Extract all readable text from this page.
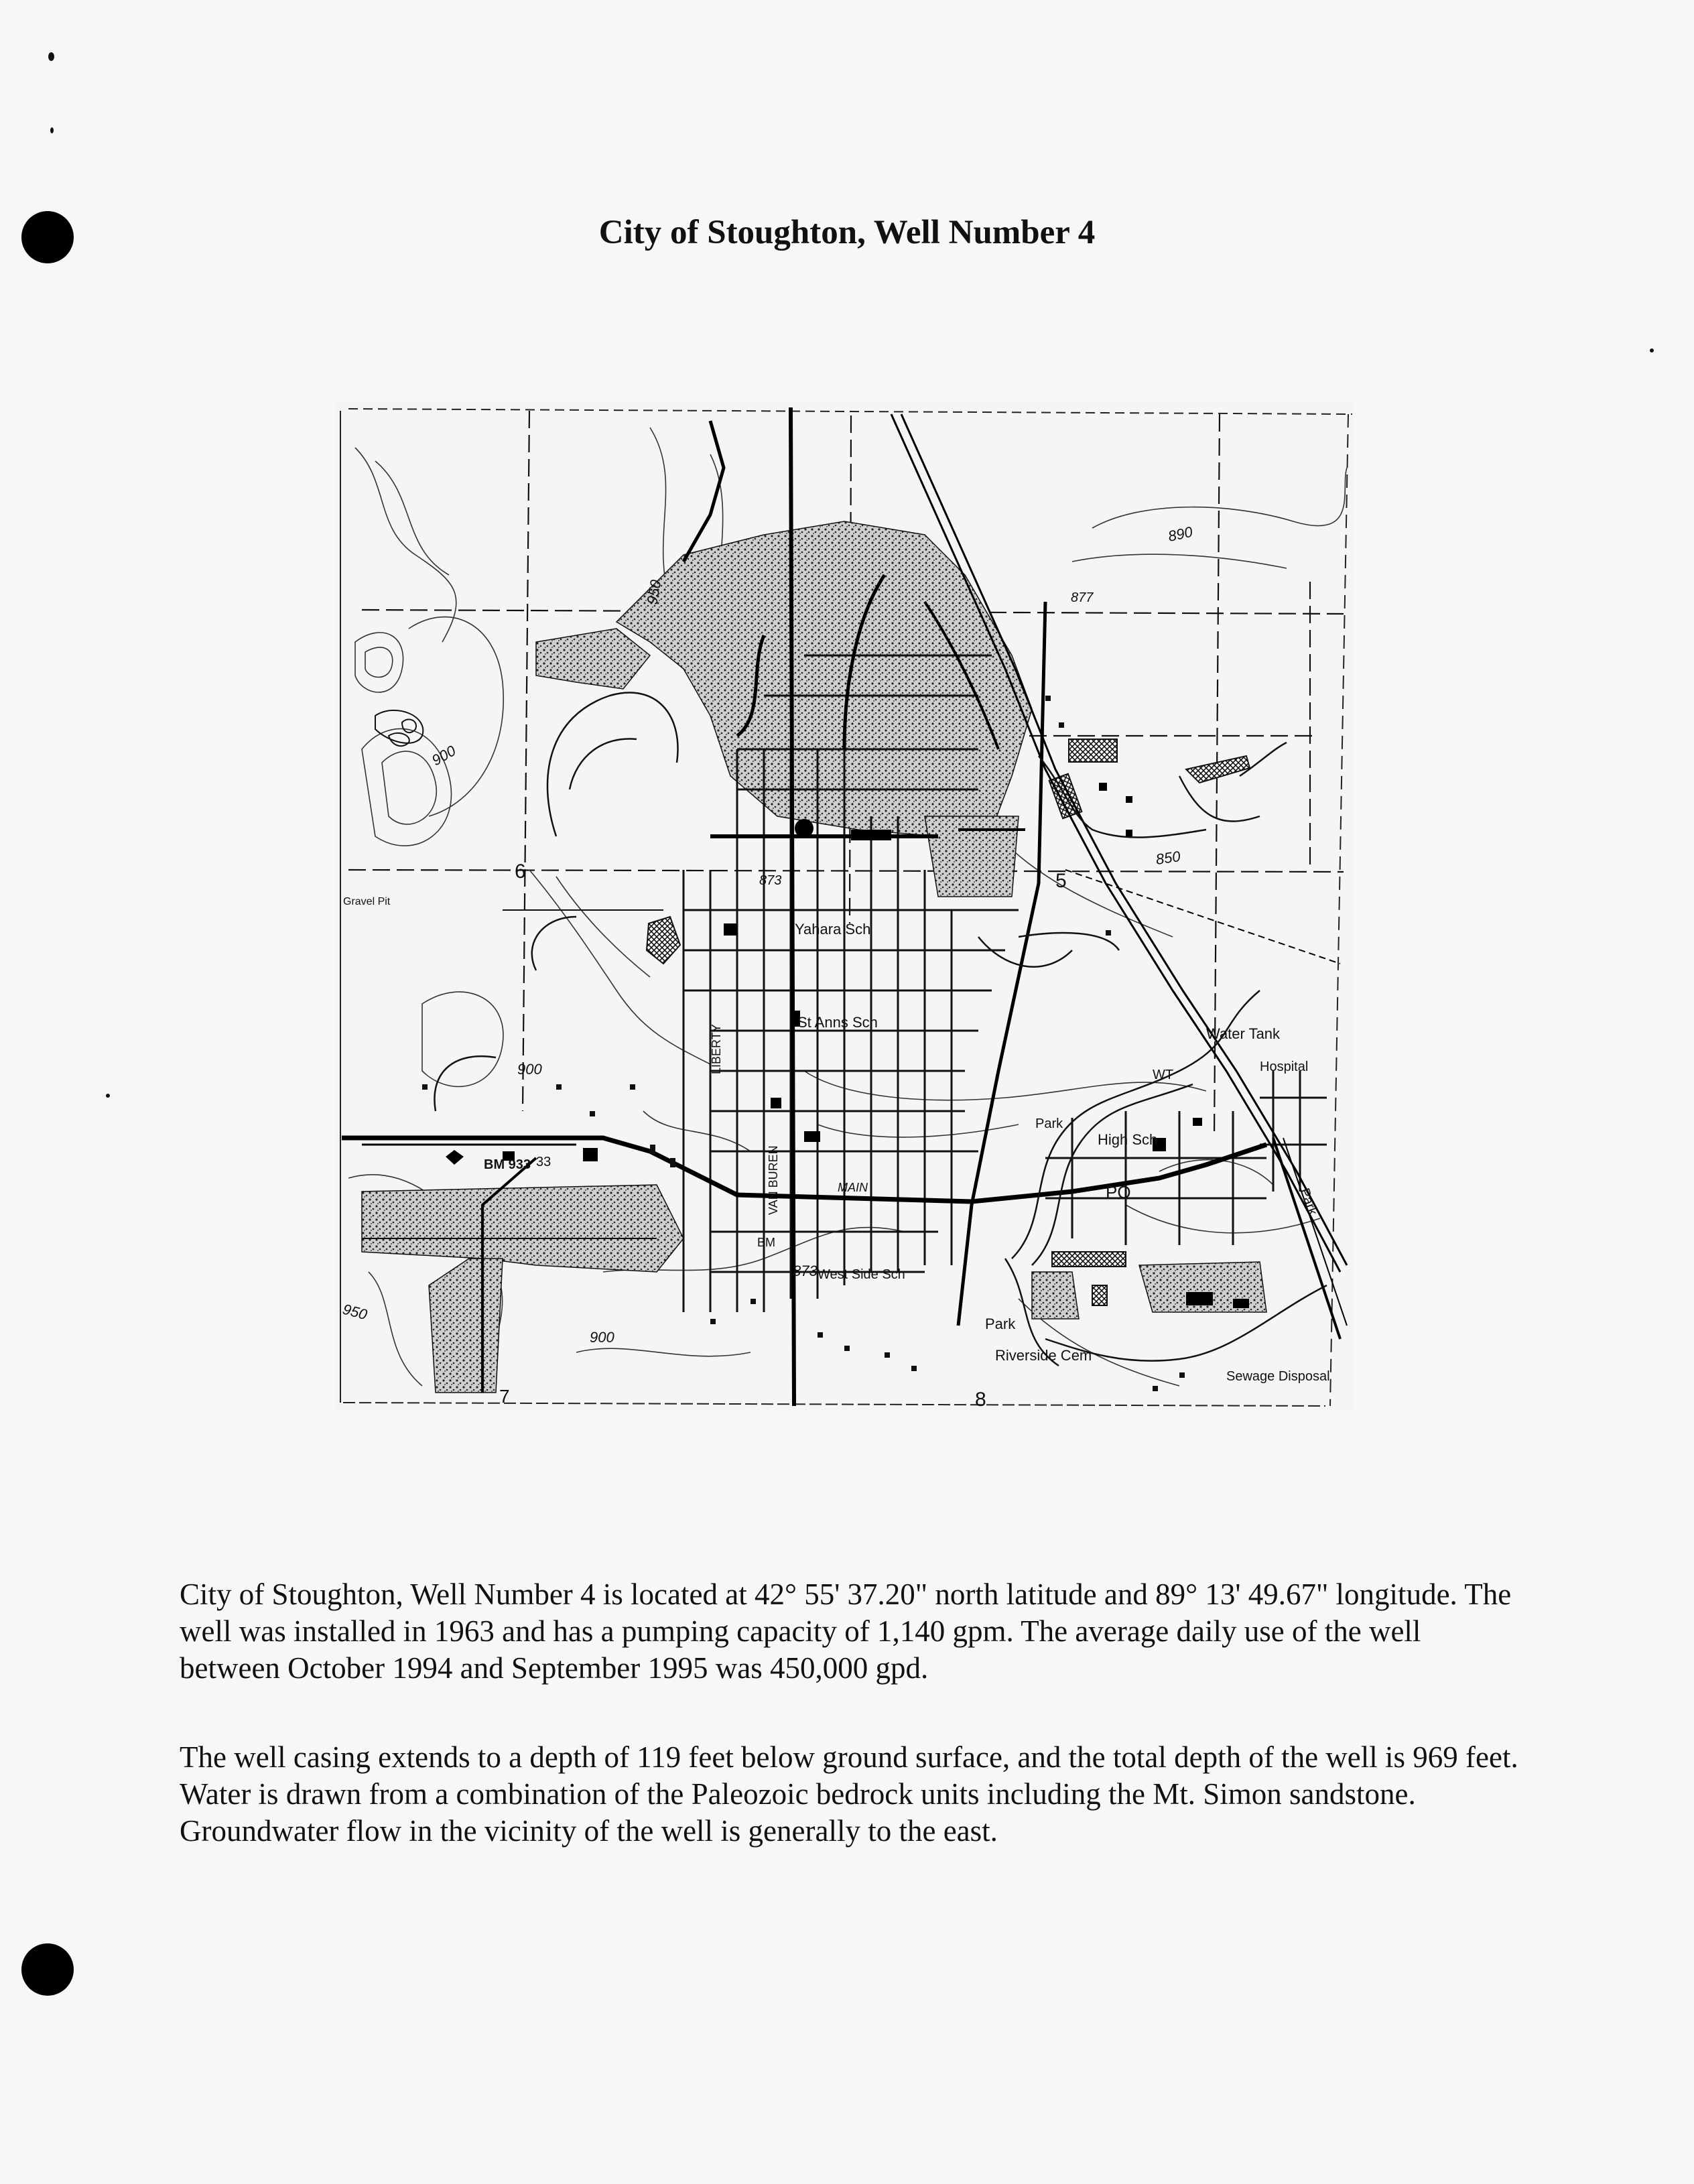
City of Stoughton, Well Number 4
890
877
950
950
900
900
900
850
873
873
BM 933
LIBERTY
VAN BUREN	MAIN
Yahara Sch
St Anns Sch
Water Tank
WT
Hospital
High Sch
PO
Park
Park
Park
Riverside Cem
Sewage Disposal
West Side Sch
Gravel Pit
BM
5
6
7	8
33

City of Stoughton, Well Number 4 is located at 42° 55' 37.20" north latitude and 89° 13' 49.67" longitude. The well was installed in 1963 and has a pumping capacity of 1,140 gpm. The average daily use of the well between October 1994 and September 1995 was 450,000 gpd.

The well casing extends to a depth of 119 feet below ground surface, and the total depth of the well is 969 feet. Water is drawn from a combination of the Paleozoic bedrock units including the Mt. Simon sandstone. Groundwater flow in the vicinity of the well is generally to the east.
